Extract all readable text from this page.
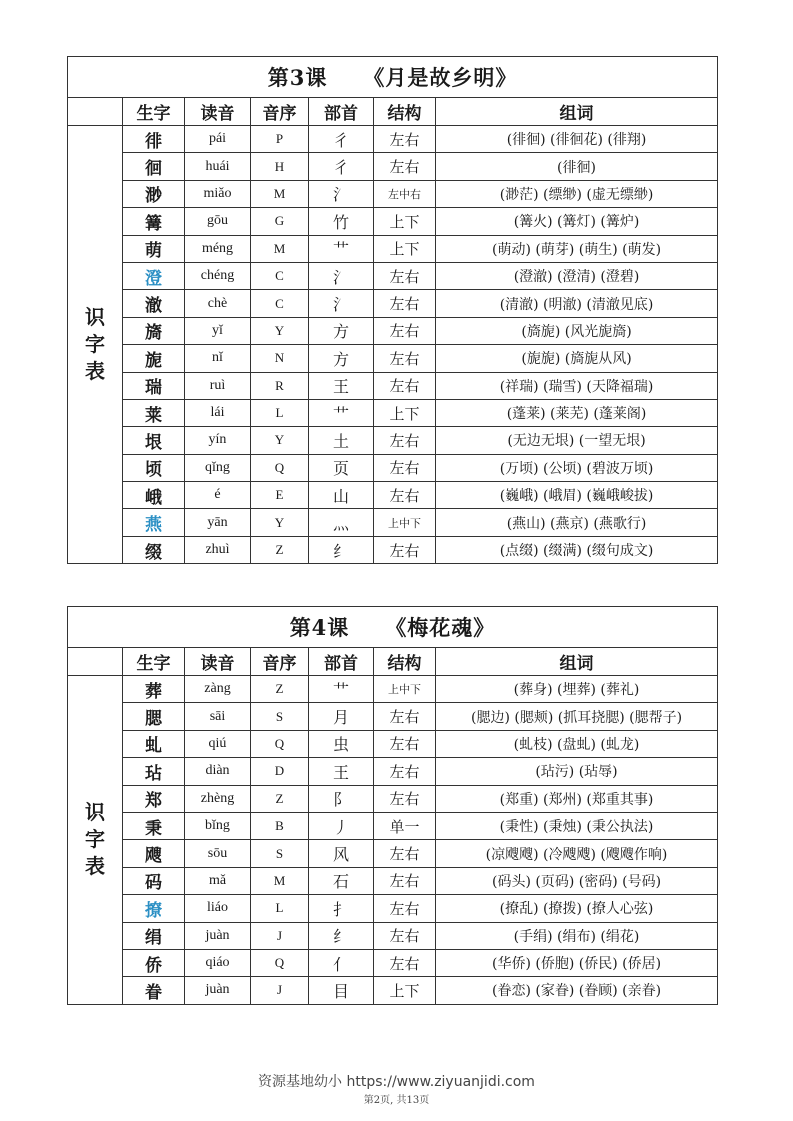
第3课 《月是故乡明》						
	生字	读音	音序	部首	结构	组词

识
字
表	徘	pái	P	彳	左右	(徘徊) (徘徊花) (徘翔)
	徊	huái	H	彳	左右	(徘徊)
	渺	miǎo	M	氵	左中右	(渺茫) (缥缈) (虚无缥缈)
	篝	gōu	G	竹	上下	(篝火) (篝灯) (篝炉)
	萌	méng	M	艹	上下	(萌动) (萌芽) (萌生) (萌发)
	澄	chéng	C	氵	左右	(澄澈) (澄清) (澄碧)
	澈	chè	C	氵	左右	(清澈) (明澈) (清澈见底)
	旖	yǐ	Y	方	左右	(旖旎) (风光旎旖)
	旎	nǐ	N	方	左右	(旎旎) (旖旎从风)
	瑞	ruì	R	王	左右	(祥瑞) (瑞雪) (天降福瑞)
	莱	lái	L	艹	上下	(蓬莱) (莱芜) (蓬莱阁)
	垠	yín	Y	土	左右	(无边无垠) (一望无垠)
	顷	qǐng	Q	页	左右	(万顷) (公顷) (碧波万顷)
	峨	é	E	山	左右	(巍峨) (峨眉) (巍峨峻拔)
	燕	yān	Y	灬	上中下	(燕山) (燕京) (燕歌行)
	缀	zhuì	Z	纟	左右	(点缀) (缀满) (缀句成文)
第4课 《梅花魂》						
	生字	读音	音序	部首	结构	组词

识
字
表	葬	zàng	Z	艹	上中下	(葬身) (埋葬) (葬礼)
	腮	sāi	S	月	左右	(腮边) (腮颊) (抓耳挠腮) (腮帮子)
	虬	qiú	Q	虫	左右	(虬枝) (盘虬) (虬龙)
	玷	diàn	D	王	左右	(玷污) (玷辱)
	郑	zhèng	Z	阝	左右	(郑重) (郑州) (郑重其事)
	秉	bǐng	B	丿	单一	(秉性) (秉烛) (秉公执法)
	飕	sōu	S	风	左右	(凉飕飕) (冷飕飕) (飕飕作响)
	码	mǎ	M	石	左右	(码头) (页码) (密码) (号码)
	撩	liáo	L	扌	左右	(撩乱) (撩拨) (撩人心弦)
	绢	juàn	J	纟	左右	(手绢) (绢布) (绢花)
	侨	qiáo	Q	亻	左右	(华侨) (侨胞) (侨民) (侨居)
	眷	juàn	J	目	上下	(眷恋) (家眷) (眷顾) (亲眷)
资源基地幼小 https://www.ziyuanjidi.com
第2页, 共13页
